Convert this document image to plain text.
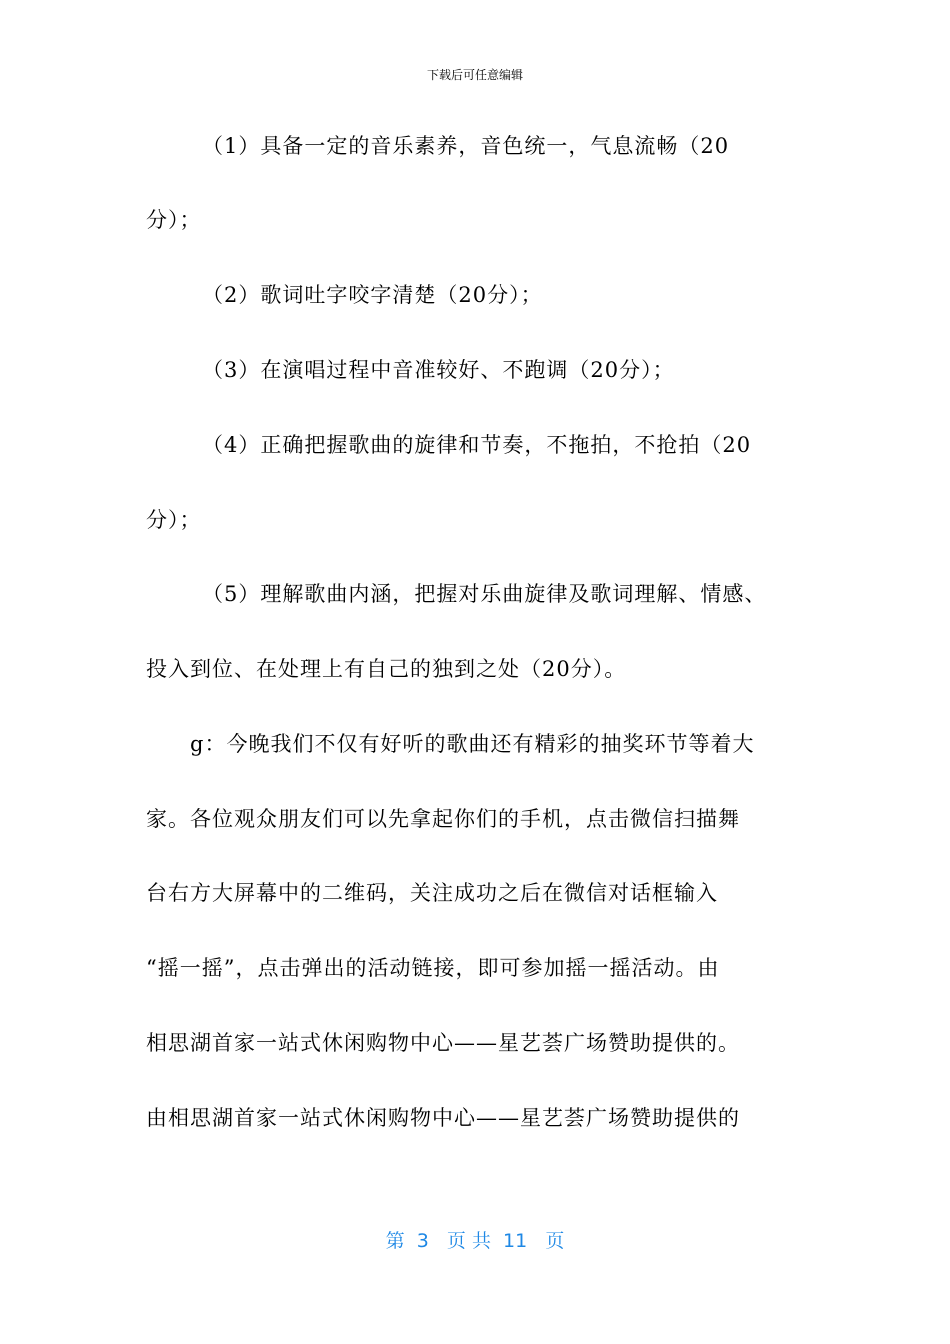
下载后可任意编辑
（1）具备一定的音乐素养，音色统一，气息流畅（20
分）；
（2）歌词吐字咬字清楚（20分）；
（3）在演唱过程中音准较好、不跑调（20分）；
（4）正确把握歌曲的旋律和节奏，不拖拍，不抢拍（20
分）；
（5）理解歌曲内涵，把握对乐曲旋律及歌词理解、情感、
投入到位、在处理上有自己的独到之处（20分）。
g：今晚我们不仅有好听的歌曲还有精彩的抽奖环节等着大
家。各位观众朋友们可以先拿起你们的手机，点击微信扫描舞
台右方大屏幕中的二维码，关注成功之后在微信对话框输入
“摇一摇”，点击弹出的活动链接，即可参加摇一摇活动。由
相思湖首家一站式休闲购物中心——星艺荟广场赞助提供的。
由相思湖首家一站式休闲购物中心——星艺荟广场赞助提供的
第  3   页 共  11   页
